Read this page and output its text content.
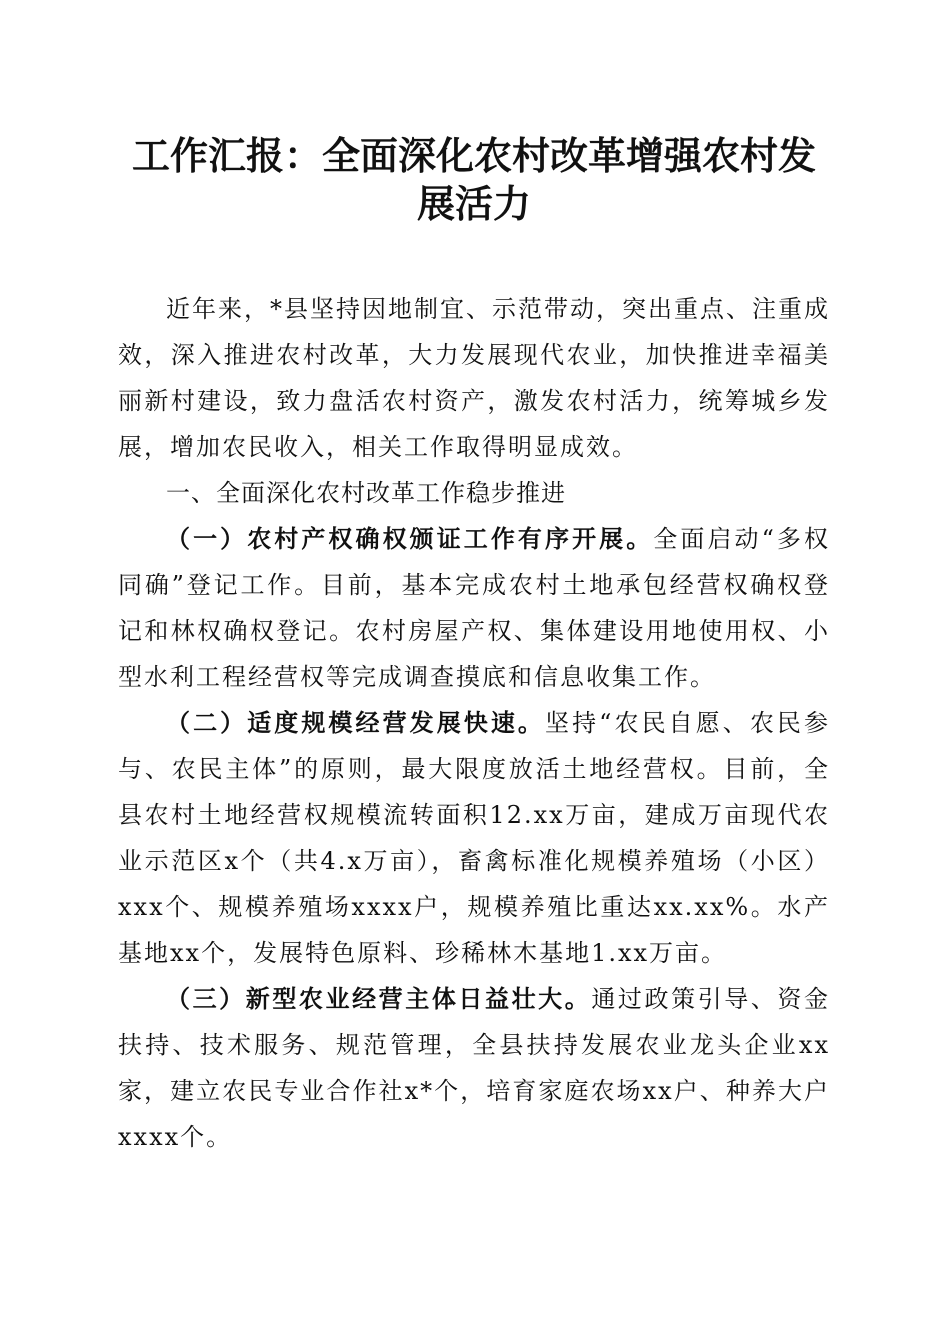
工作汇报：全面深化农村改革增强农村发展活力

近年来，*县坚持因地制宜、示范带动，突出重点、注重成效，深入推进农村改革，大力发展现代农业，加快推进幸福美丽新村建设，致力盘活农村资产，激发农村活力，统筹城乡发展，增加农民收入，相关工作取得明显成效。

一、全面深化农村改革工作稳步推进

（一）农村产权确权颁证工作有序开展。全面启动“多权同确”登记工作。目前，基本完成农村土地承包经营权确权登记和林权确权登记。农村房屋产权、集体建设用地使用权、小型水利工程经营权等完成调查摸底和信息收集工作。

（二）适度规模经营发展快速。坚持“农民自愿、农民参与、农民主体”的原则，最大限度放活土地经营权。目前，全县农村土地经营权规模流转面积12.xx万亩，建成万亩现代农业示范区x个（共4.x万亩），畜禽标准化规模养殖场（小区）xxx个、规模养殖场xxxx户，规模养殖比重达xx.xx%。水产基地xx个，发展特色原料、珍稀林木基地1.xx万亩。

（三）新型农业经营主体日益壮大。通过政策引导、资金扶持、技术服务、规范管理，全县扶持发展农业龙头企业xx家，建立农民专业合作社x*个，培育家庭农场xx户、种养大户xxxx个。
